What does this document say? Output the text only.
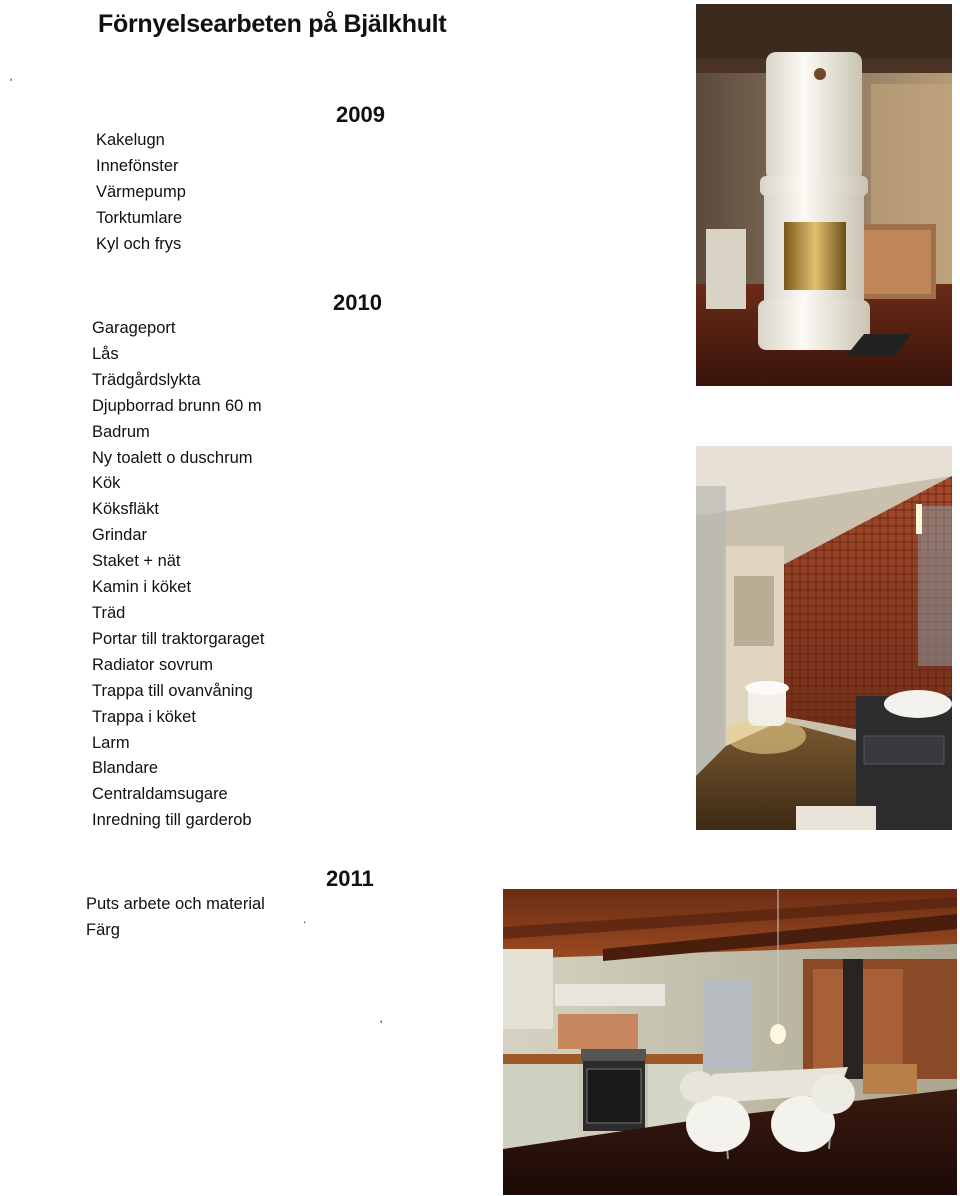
Förnyelsearbeten på Bjälkhult
2009
Kakelugn
Innefönster
Värmepump
Torktumlare
Kyl och frys
2010
Garageport
Lås
Trädgårdslykta
Djupborrad brunn 60 m
Badrum
Ny toalett o duschrum
Kök
Köksfläkt
Grindar
Staket + nät
Kamin i köket
Träd
Portar till traktorgaraget
Radiator sovrum
Trappa till ovanvåning
Trappa i köket
Larm
Blandare
Centraldamsugare
Inredning till garderob
2011
Puts arbete och material
Färg
'
.
'
